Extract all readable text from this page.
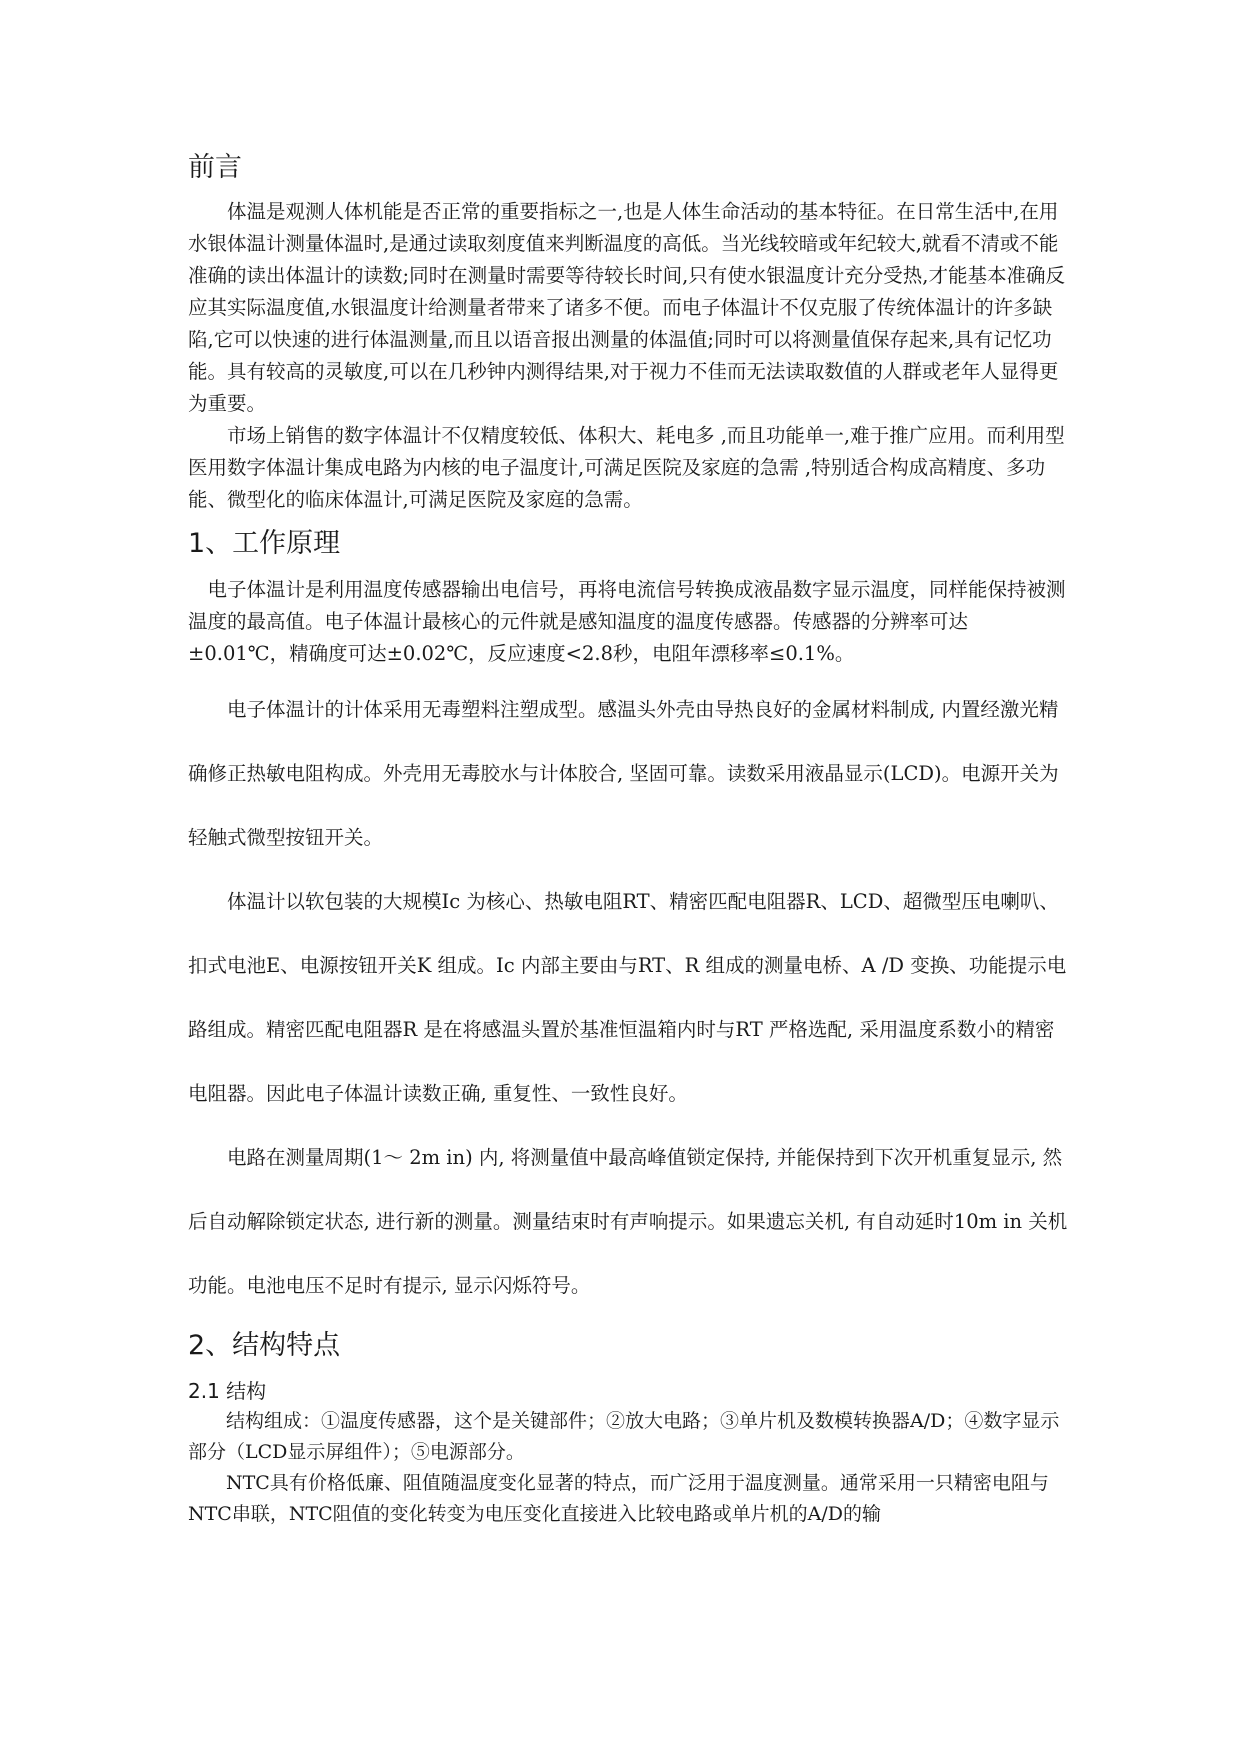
前言

体温是观测人体机能是否正常的重要指标之一,也是人体生命活动的基本特征。在日常生活中,在用水银体温计测量体温时,是通过读取刻度值来判断温度的高低。当光线较暗或年纪较大,就看不清或不能准确的读出体温计的读数;同时在测量时需要等待较长时间,只有使水银温度计充分受热,才能基本准确反应其实际温度值,水银温度计给测量者带来了诸多不便。而电子体温计不仅克服了传统体温计的许多缺陷,它可以快速的进行体温测量,而且以语音报出测量的体温值;同时可以将测量值保存起来,具有记忆功能。具有较高的灵敏度,可以在几秒钟内测得结果,对于视力不佳而无法读取数值的人群或老年人显得更为重要。

市场上销售的数字体温计不仅精度较低、体积大、耗电多 ,而且功能单一,难于推广应用。而利用型医用数字体温计集成电路为内核的电子温度计,可满足医院及家庭的急需 ,特别适合构成高精度、多功能、微型化的临床体温计,可满足医院及家庭的急需。

1、工作原理

电子体温计是利用温度传感器输出电信号，再将电流信号转换成液晶数字显示温度，同样能保持被测温度的最高值。电子体温计最核心的元件就是感知温度的温度传感器。传感器的分辨率可达±0.01℃，精确度可达±0.02℃，反应速度<2.8秒，电阻年漂移率≤0.1%。

电子体温计的计体采用无毒塑料注塑成型。感温头外壳由导热良好的金属材料制成, 内置经激光精确修正热敏电阻构成。外壳用无毒胶水与计体胶合, 坚固可靠。读数采用液晶显示(LCD)。电源开关为轻触式微型按钮开关。

体温计以软包装的大规模Ic 为核心、热敏电阻RT、精密匹配电阻器R、LCD、超微型压电喇叭、扣式电池E、电源按钮开关K 组成。Ic 内部主要由与RT、R 组成的测量电桥、A /D 变换、功能提示电路组成。精密匹配电阻器R 是在将感温头置於基准恒温箱内时与RT 严格选配, 采用温度系数小的精密电阻器。因此电子体温计读数正确, 重复性、一致性良好。

电路在测量周期(1～ 2m in) 内, 将测量值中最高峰值锁定保持, 并能保持到下次开机重复显示, 然后自动解除锁定状态, 进行新的测量。测量结束时有声响提示。如果遗忘关机, 有自动延时10m in 关机功能。电池电压不足时有提示, 显示闪烁符号。

2、结构特点
2.1 结构

结构组成：①温度传感器，这个是关键部件；②放大电路；③单片机及数模转换器A/D；④数字显示部分（LCD显示屏组件）；⑤电源部分。

NTC具有价格低廉、阻值随温度变化显著的特点，而广泛用于温度测量。通常采用一只精密电阻与NTC串联，NTC阻值的变化转变为电压变化直接进入比较电路或单片机的A/D的输
